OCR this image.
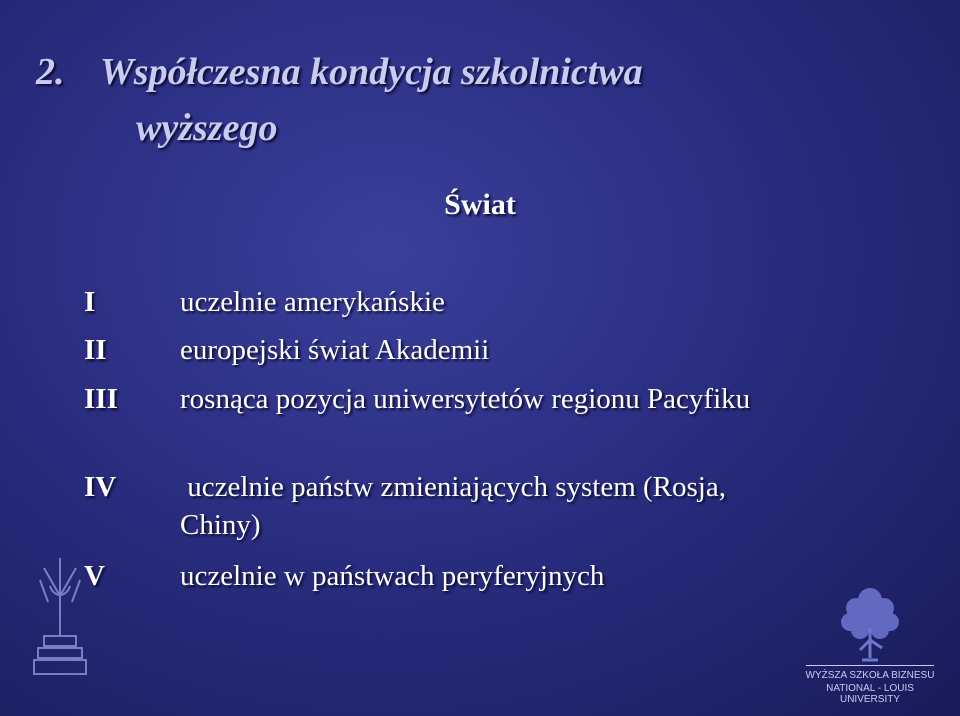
2. Współczesna kondycja szkolnictwa
wyższego
Świat
I	uczelnie amerykańskie
II	europejski świat Akademii
III rosnąca pozycja uniwersytetów regionu Pacyfiku
IV uczelnie państw zmieniających system (Rosja, Chiny)
V	uczelnie w państwach peryferyjnych
WYŻSZA SZKOŁA BIZNESU
NATIONAL - LOUIS UNIVERSITY
